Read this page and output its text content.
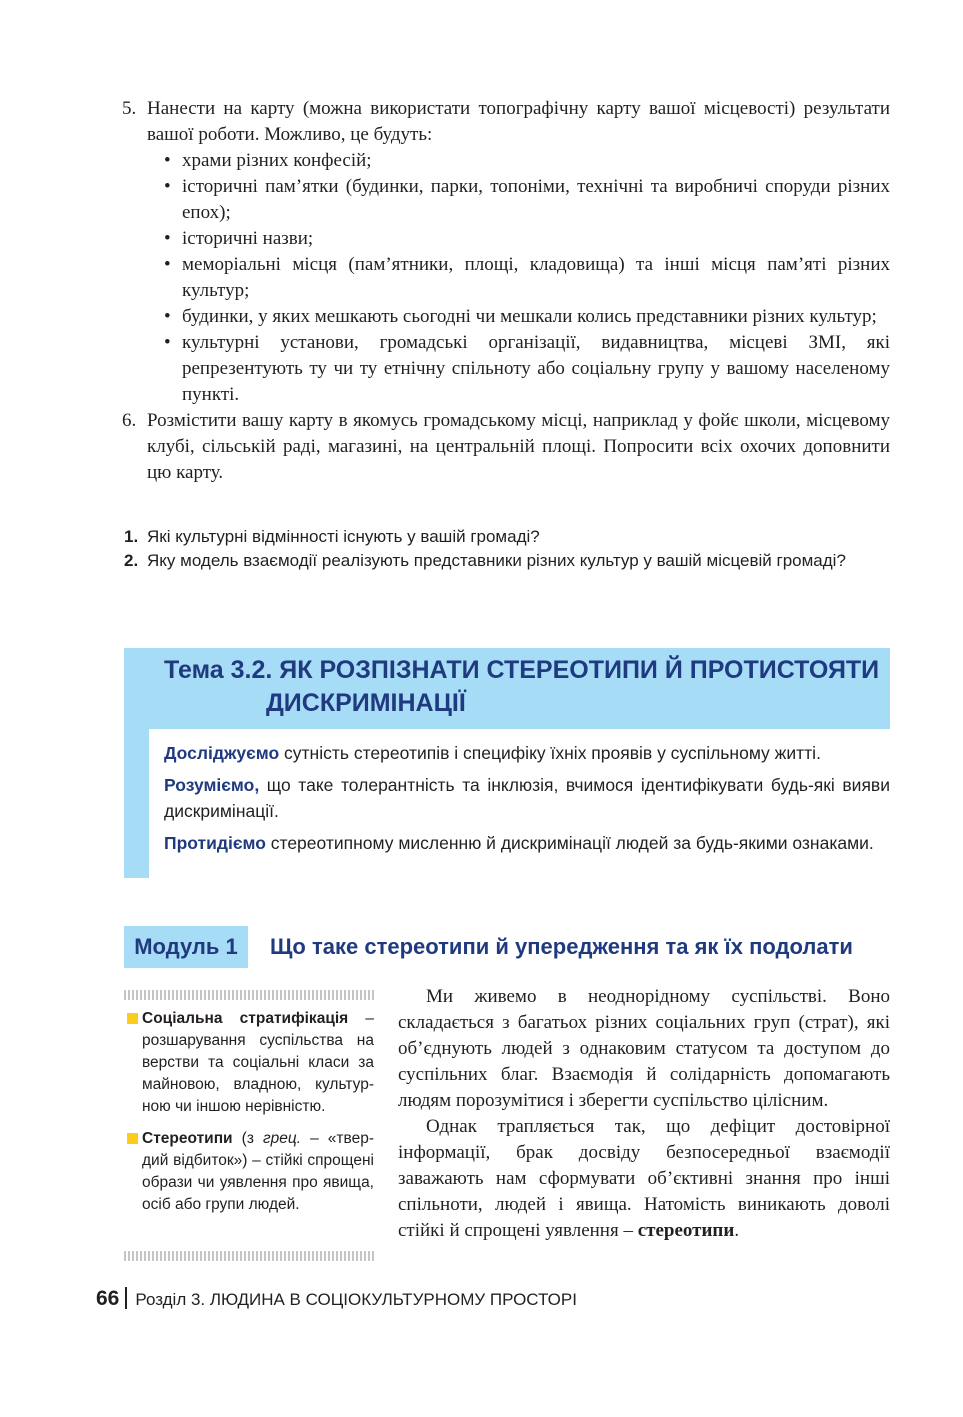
5. Нанести на карту (можна використати топографічну карту вашої місцевості) результати вашої роботи. Можливо, це будуть:
• храми різних конфесій;
• історичні пам’ятки (будинки, парки, топоніми, технічні та виробничі споруди різних епох);
• історичні назви;
• меморіальні місця (пам’ятники, площі, кладовища) та інші місця пам’яті різних культур;
• будинки, у яких мешкають сьогодні чи мешкали колись представники різних культур;
• культурні установи, громадські організації, видавництва, місцеві ЗМІ, які репрезентують ту чи ту етнічну спільноту або соціальну групу у вашому населеному пункті.
6. Розмістити вашу карту в якомусь громадському місці, наприклад у фойє школи, місцевому клубі, сільській раді, магазині, на центральній площі. Попросити всіх охочих доповнити цю карту.
1. Які культурні відмінності існують у вашій громаді?
2. Яку модель взаємодії реалізують представники різних культур у вашій місцевій громаді?
Тема 3.2. ЯК РОЗПІЗНАТИ СТЕРЕОТИПИ Й ПРОТИСТОЯТИ
ДИСКРИМІНАЦІЇ
Досліджуємо сутність стереотипів і специфіку їхніх проявів у суспільному житті.
Розуміємо, що таке толерантність та інклюзія, вчимося ідентифікувати будь-які вияви дискримінації.
Протидіємо стереотипному мисленню й дискримінації людей за будь-якими ознаками.
Модуль 1	Що таке стереотипи й упередження та як їх подолати
Соціальна стратифікація – розшарування суспільства на верстви та соціальні класи за майновою, владною, культурною чи іншою нерівністю.
Стереотипи (з грец. – «твердий відбиток») – стійкі спрощені образи чи уявлення про явища, осіб або групи людей.

Ми живемо в неоднорідному суспільстві. Воно складається з багатьох різних соціальних груп (страт), які об’єднують людей з однаковим статусом та доступом до суспільних благ. Взаємодія й солідарність допомагають людям порозумітися і зберегти суспільство цілісним.

Однак трапляється так, що дефіцит достовірної інформації, брак досвіду безпосередньої взаємодії заважають нам сформувати об’єктивні знання про інші спільноти, людей і явища. Натомість виникають доволі стійкі й спрощені уявлення – стереотипи.

66 Розділ 3. ЛЮДИНА В СОЦІОКУЛЬТУРНОМУ ПРОСТОРІ
